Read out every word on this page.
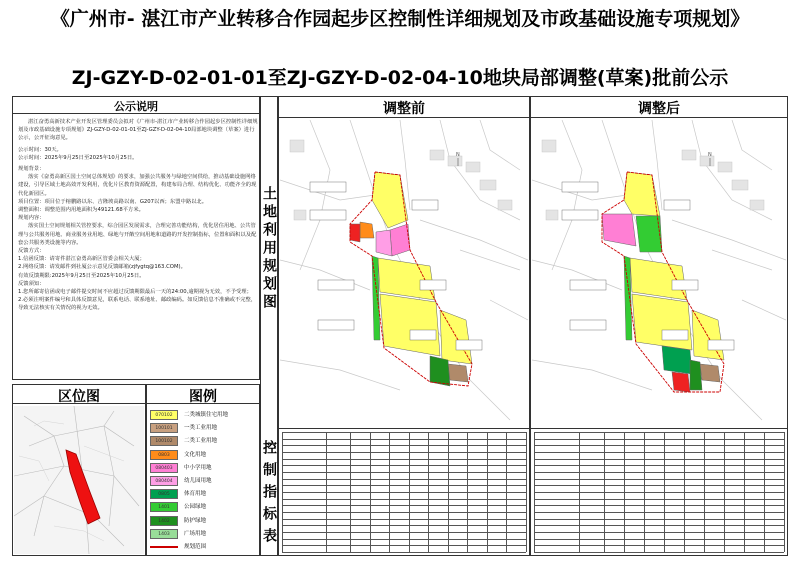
《广州市- 湛江市产业转移合作园起步区控制性详细规划及市政基础设施专项规划》
ZJ-GZY-D-02-01-01至ZJ-GZY-D-02-04-10地块局部调整(草案)批前公示
公示说明

湛江奋勇高新技术产业开发区管理委员会拟对《广州市-湛江市产业转移合作园起步区控制性详细规划及市政基础设施专项规划》ZJ-GZY-D-02-01-01至ZJ-GZY-D-02-04-10局部地块调整（草案）进行公示，公开征询意见。

公示时间：30天。

公示时间：2025年9月25日至2025年10月25日。

规划背景：

落实《奋勇高新区国土空间总体规划》的要求，加强公共服务与绿地空间供给，推动基础设施网络建设，引导区域土地高效开发利用，优化片区教育资源配置，构建布局合理、结构优化、功能齐全的现代化新园区。

项目位置：项目位于榕鹏路以东、吉隆坡高路以南、G207以西；东盟中路以北。

调整面积：调整范围内用地面积为49121.68平方米。

规划内容：

落实国土空间规划相关管控要求，综合园区发展需求，合理完善功能结构，优化居住用地、公共管理与公共服务用地、商业服务业用地、绿地与开敞空间用地和道路的开发控制指标，位置和面积以及配套公共服务类设施等内容。

反馈方式：

1.信函反馈：请寄件湛江奋勇高新区管委会相关大厦；

2.网络反馈：请发邮件到社厦公示意见反馈邮箱(zjfygtq@163.COM)。

有效反馈期限:2025年9月25日至2025年10月25日。

反馈须知：

1.您所邮寄信函或电子邮件提交时间不应超过反馈期限最后一天的24:00,逾期视为无效，不予受理；

2.必须注明案件编号和具体反馈意见，联系电话、联系地址、邮政编码。如反馈信息不准确或不完整，导致无法核实有关情况的视为无效。

区位图	图例
070102	二类城镇住宅用地
100101	一类工业用地
100102	二类工业用地
0803	文化用地
080403	中小学用地
080404	幼儿园用地
0805	体育用地
1401	公园绿地
1402	防护绿地
1403	广场用地
规划范围
土地利用规划图
控制指标表
调整前	调整后
N	N
